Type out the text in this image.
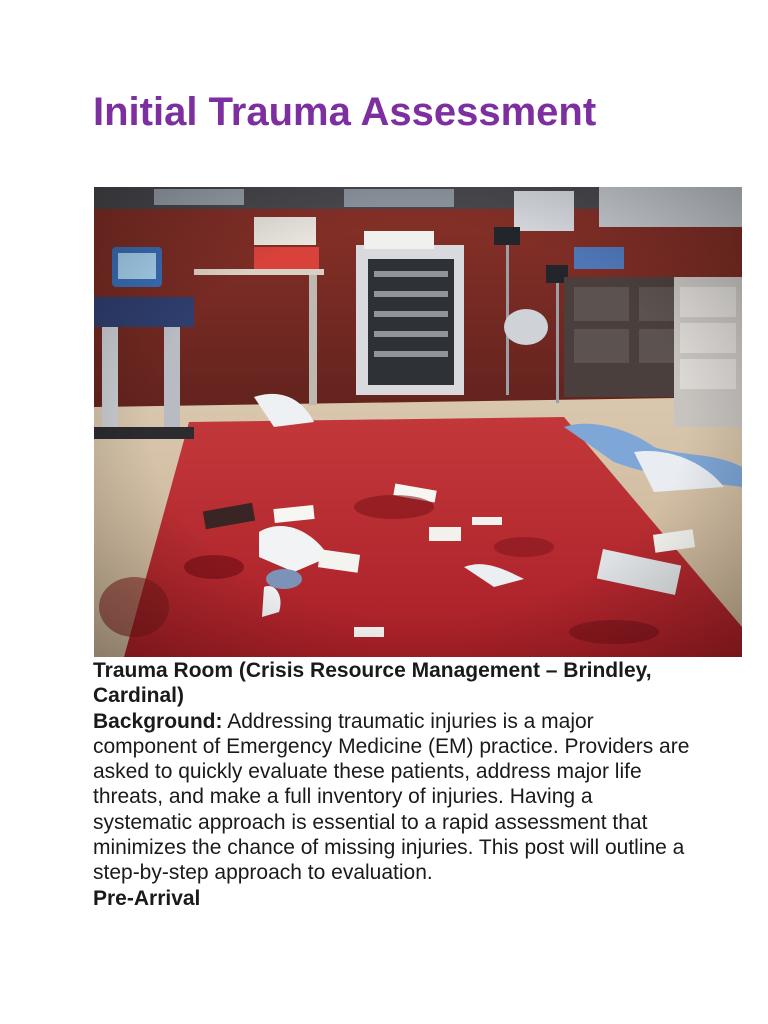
Initial Trauma Assessment

Trauma Room (Crisis Resource Management – Brindley, Cardinal)

Background: Addressing traumatic injuries is a major component of Emergency Medicine (EM) practice. Providers are asked to quickly evaluate these patients, address major life threats, and make a full inventory of injuries. Having a systematic approach is essential to a rapid assessment that minimizes the chance of missing injuries. This post will outline a step-by-step approach to evaluation.

Pre-Arrival
